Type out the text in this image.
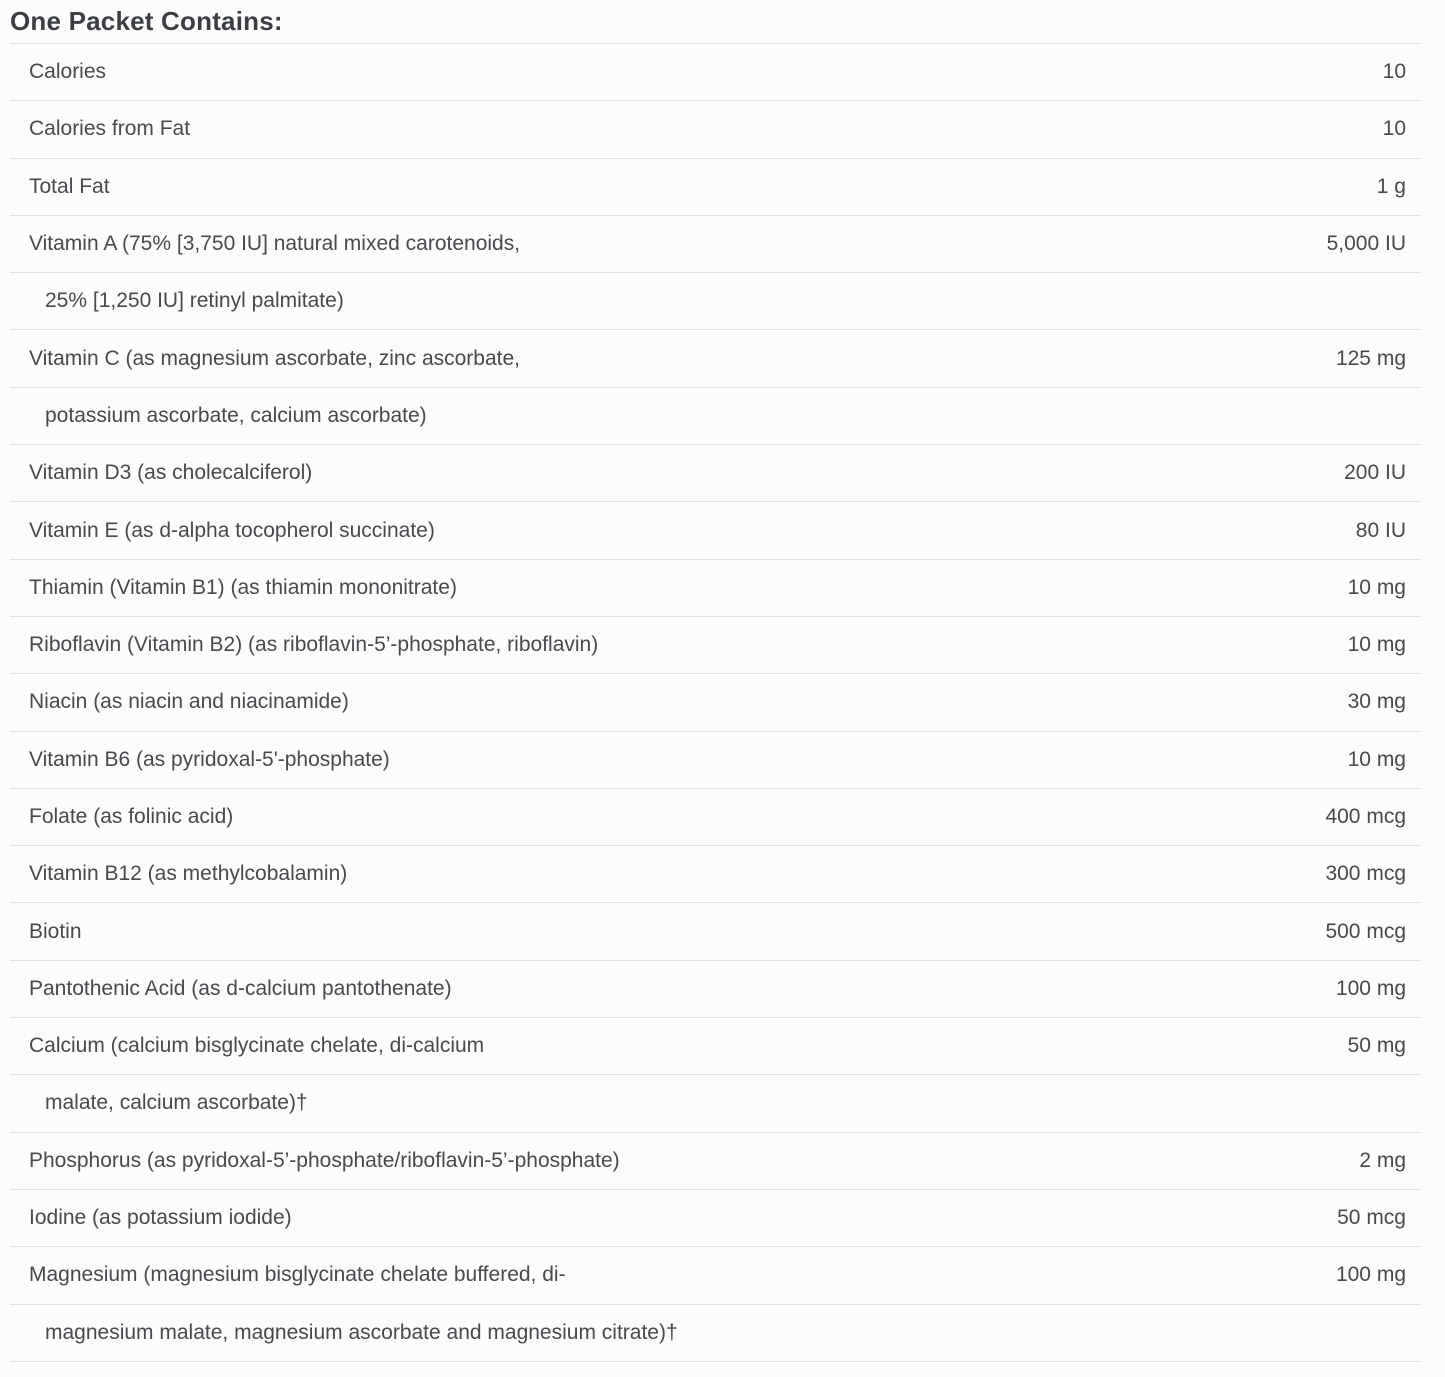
One Packet Contains:
Calories	10
Calories from Fat	10
Total Fat	1 g
Vitamin A (75% [3,750 IU] natural mixed carotenoids,	5,000 IU
25% [1,250 IU] retinyl palmitate)
Vitamin C (as magnesium ascorbate, zinc ascorbate,	125 mg
potassium ascorbate, calcium ascorbate)
Vitamin D3 (as cholecalciferol)	200 IU
Vitamin E (as d-alpha tocopherol succinate)	80 IU
Thiamin (Vitamin B1) (as thiamin mononitrate)	10 mg
Riboflavin (Vitamin B2) (as riboflavin-5’-phosphate, riboflavin)	10 mg
Niacin (as niacin and niacinamide)	30 mg
Vitamin B6 (as pyridoxal-5'-phosphate)	10 mg
Folate (as folinic acid)	400 mcg
Vitamin B12 (as methylcobalamin)	300 mcg
Biotin	500 mcg
Pantothenic Acid (as d-calcium pantothenate)	100 mg
Calcium (calcium bisglycinate chelate, di-calcium	50 mg
malate, calcium ascorbate)†
Phosphorus (as pyridoxal-5’-phosphate/riboflavin-5’-phosphate)	2 mg
Iodine (as potassium iodide)	50 mcg
Magnesium (magnesium bisglycinate chelate buffered, di-	100 mg
magnesium malate, magnesium ascorbate and magnesium citrate)†
